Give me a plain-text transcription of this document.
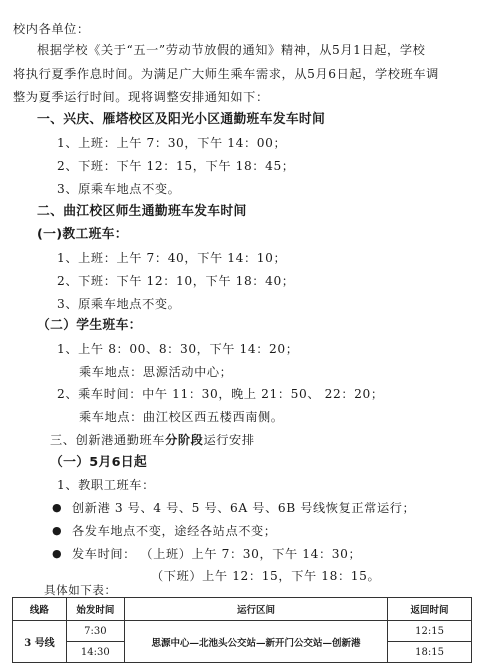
校内各单位：
根据学校《关于“五一”劳动节放假的通知》精神，从5月1日起，学校
将执行夏季作息时间。为满足广大师生乘车需求，从5月6日起，学校班车调
整为夏季运行时间。现将调整安排通知如下：
一、兴庆、雁塔校区及阳光小区通勤班车发车时间
1、上班：上午 7：30，下午 14：00；
2、下班：下午 12：15，下午 18：45；
3、原乘车地点不变。
二、曲江校区师生通勤班车发车时间
(一)教工班车：
1、上班：上午 7：40，下午 14：10；
2、下班：下午 12：10，下午 18：40；
3、原乘车地点不变。
（二）学生班车：
1、上午 8：00、8：30，下午 14：20；
乘车地点：思源活动中心；
2、乘车时间：中午 11：30，晚上 21：50、 22：20；
乘车地点：曲江校区西五楼西南侧。
三、创新港通勤班车分阶段运行安排
（一）5月6日起
1、教职工班车：
● 创新港 3 号、4 号、5 号、6A 号、6B 号线恢复正常运行；
● 各发车地点不变，途经各站点不变；
● 发车时间： （上班）上午 7：30，下午 14：30；
（下班）上午 12：15，下午 18：15。
具体如下表：
线路	始发时间	运行区间	返回时间
3 号线	7:30	思源中心—北池头公交站—新开门公交站—创新港	12:15
	14:30		18:15
